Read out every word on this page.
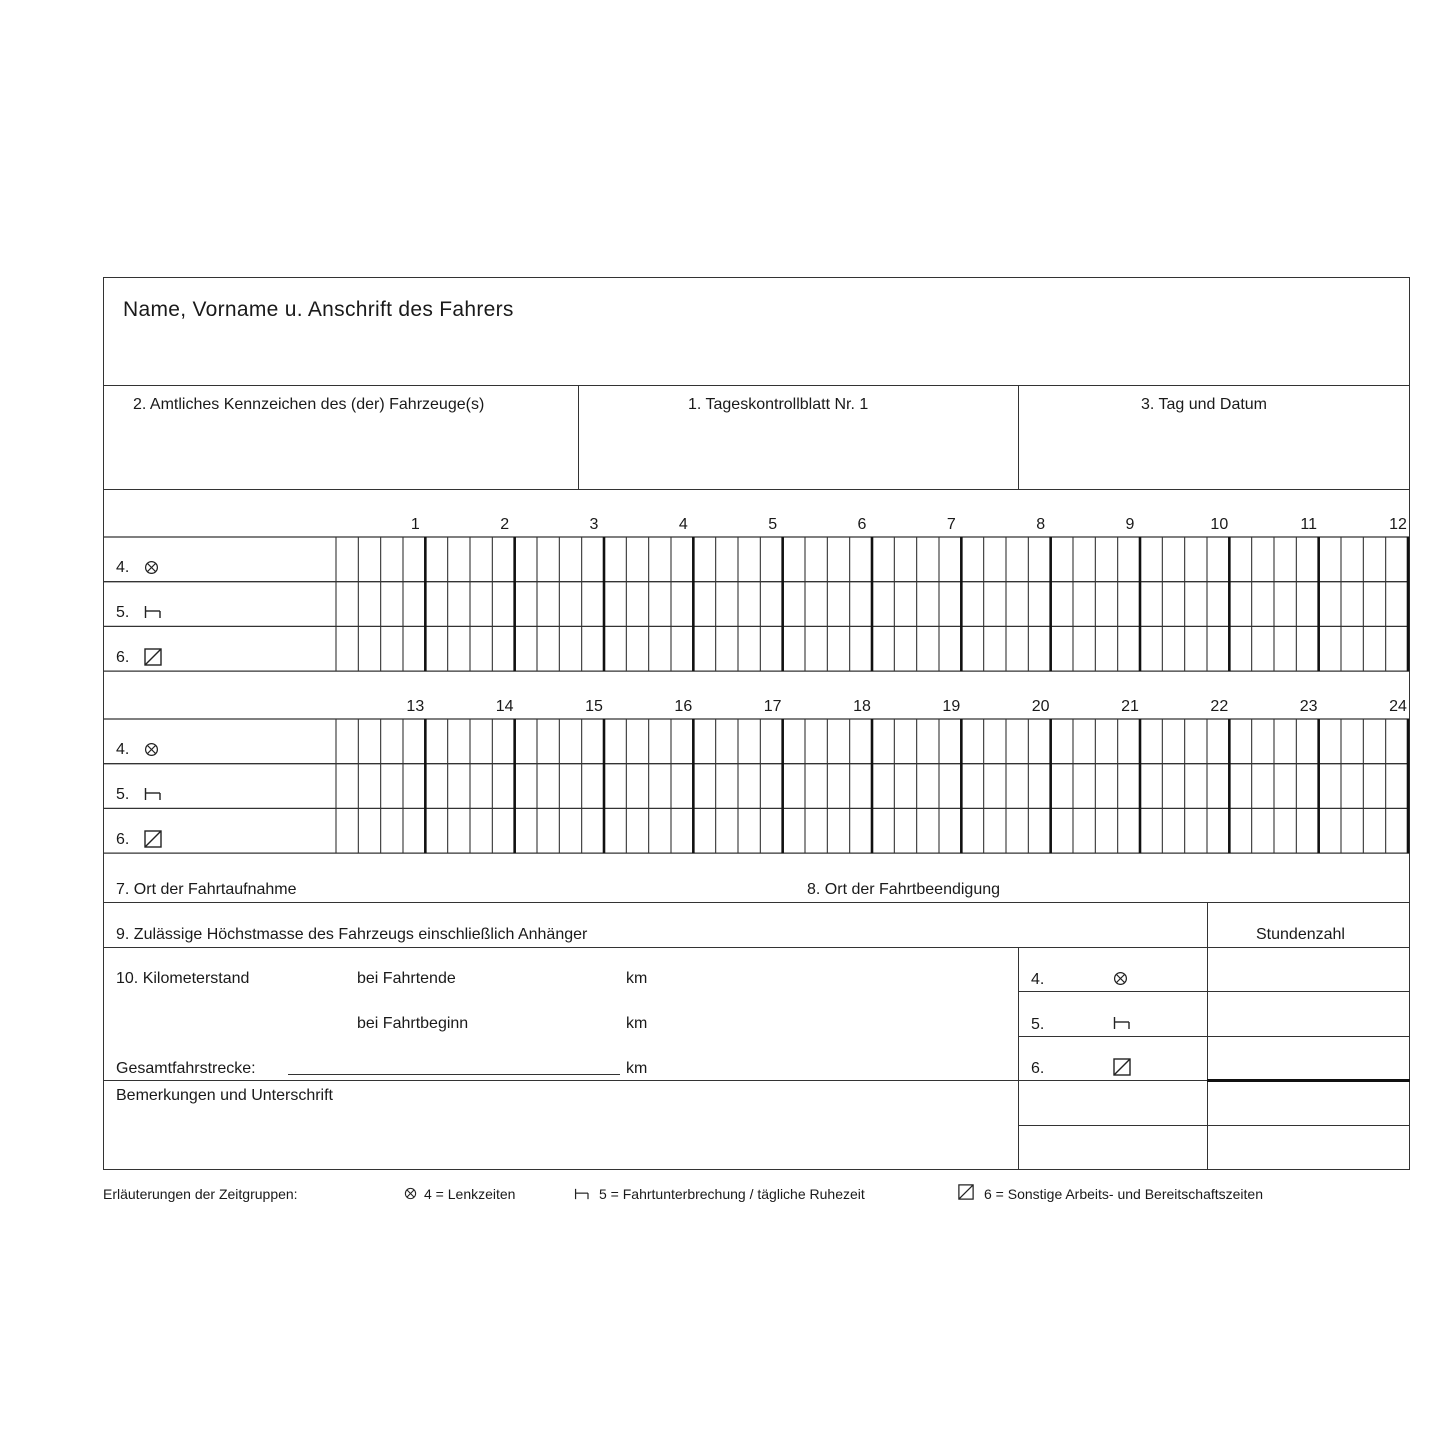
Name, Vorname u. Anschrift des Fahrers
2. Amtliches Kennzeichen des (der) Fahrzeuge(s)	1. Tageskontrollblatt Nr. 1	3. Tag und Datum
1	2	3	4	5	6	7	8	9	10	11	12
4.
5.
6.
13	14	15	16	17	18	19	20	21	22	23	24
4.
5.
6.
7. Ort der Fahrtaufnahme	8. Ort der Fahrtbeendigung
9. Zulässige Höchstmasse des Fahrzeugs einschließlich Anhänger	Stundenzahl
10. Kilometerstand	bei Fahrtende	km
bei Fahrtbeginn	km
Gesamtfahrstrecke:	km
4.
5.
6.
Bemerkungen und Unterschrift
Erläuterungen der Zeitgruppen:	4 = Lenkzeiten	5 = Fahrtunterbrechung / tägliche Ruhezeit	6 = Sonstige Arbeits- und Bereitschaftszeiten
